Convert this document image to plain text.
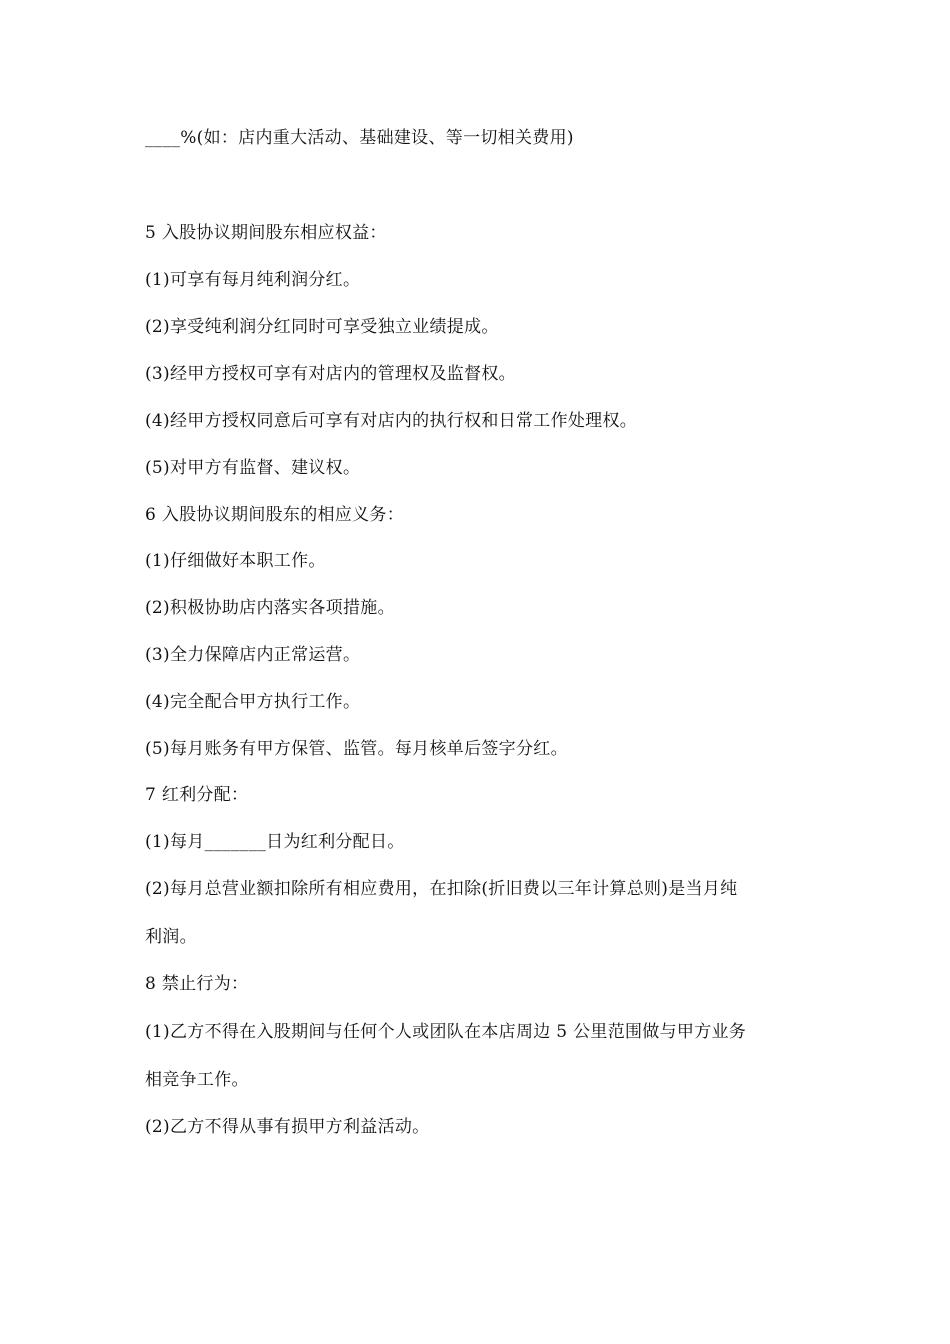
____%(如：店内重大活动、基础建设、等一切相关费用)
5 入股协议期间股东相应权益：
(1)可享有每月纯利润分红。
(2)享受纯利润分红同时可享受独立业绩提成。
(3)经甲方授权可享有对店内的管理权及监督权。
(4)经甲方授权同意后可享有对店内的执行权和日常工作处理权。
(5)对甲方有监督、建议权。
6 入股协议期间股东的相应义务：
(1)仔细做好本职工作。
(2)积极协助店内落实各项措施。
(3)全力保障店内正常运营。
(4)完全配合甲方执行工作。
(5)每月账务有甲方保管、监管。每月核单后签字分红。
7 红利分配：
(1)每月_______日为红利分配日。
(2)每月总营业额扣除所有相应费用，在扣除(折旧费以三年计算总则)是当月纯
利润。
8 禁止行为：
(1)乙方不得在入股期间与任何个人或团队在本店周边 5 公里范围做与甲方业务
相竞争工作。
(2)乙方不得从事有损甲方利益活动。
